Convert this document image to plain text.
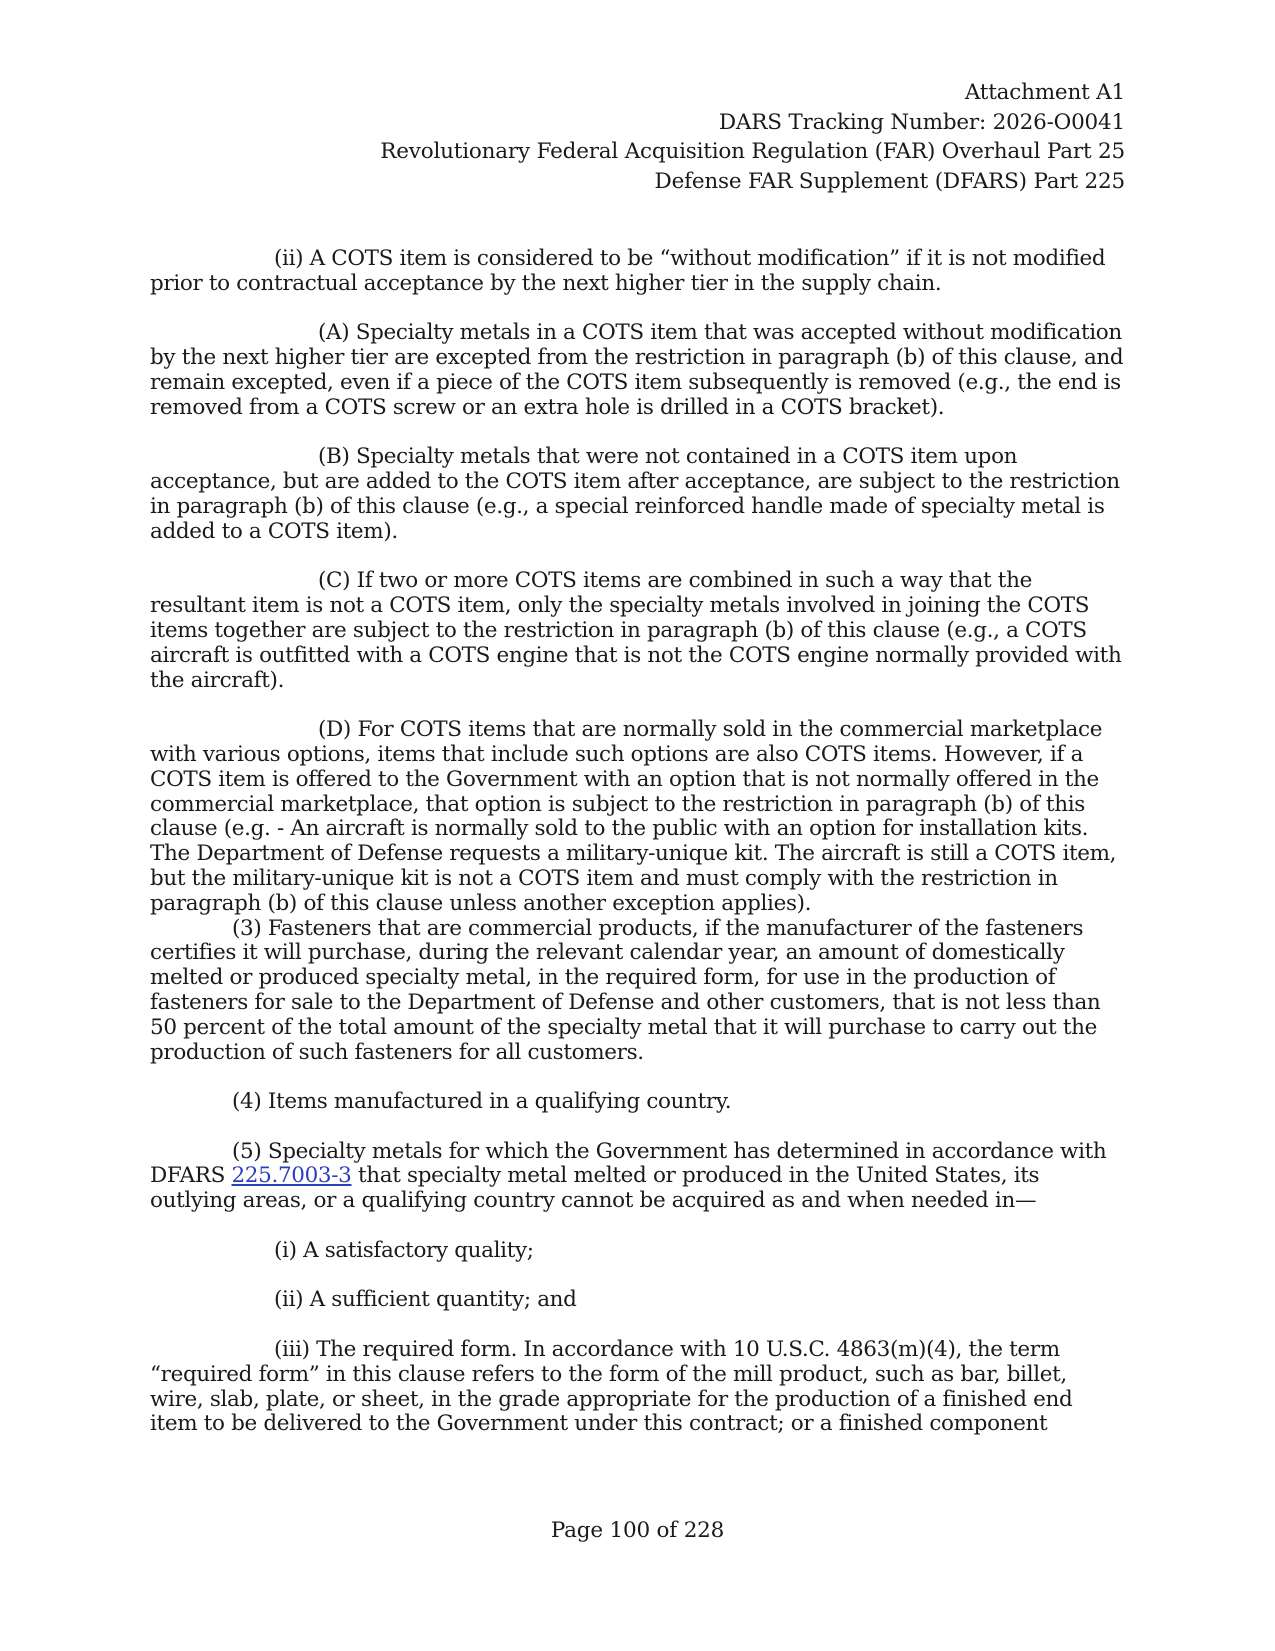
Attachment A1
DARS Tracking Number: 2026-O0041
Revolutionary Federal Acquisition Regulation (FAR) Overhaul Part 25
Defense FAR Supplement (DFARS) Part 225

(ii) A COTS item is considered to be “without modification” if it is not modified prior to contractual acceptance by the next higher tier in the supply chain.

(A) Specialty metals in a COTS item that was accepted without modification by the next higher tier are excepted from the restriction in paragraph (b) of this clause, and remain excepted, even if a piece of the COTS item subsequently is removed (e.g., the end is removed from a COTS screw or an extra hole is drilled in a COTS bracket).

(B) Specialty metals that were not contained in a COTS item upon acceptance, but are added to the COTS item after acceptance, are subject to the restriction in paragraph (b) of this clause (e.g., a special reinforced handle made of specialty metal is added to a COTS item).

(C) If two or more COTS items are combined in such a way that the resultant item is not a COTS item, only the specialty metals involved in joining the COTS items together are subject to the restriction in paragraph (b) of this clause (e.g., a COTS aircraft is outfitted with a COTS engine that is not the COTS engine normally provided with the aircraft).

(D) For COTS items that are normally sold in the commercial marketplace with various options, items that include such options are also COTS items. However, if a COTS item is offered to the Government with an option that is not normally offered in the commercial marketplace, that option is subject to the restriction in paragraph (b) of this clause (e.g. - An aircraft is normally sold to the public with an option for installation kits. The Department of Defense requests a military-unique kit. The aircraft is still a COTS item, but the military-unique kit is not a COTS item and must comply with the restriction in paragraph (b) of this clause unless another exception applies).

(3) Fasteners that are commercial products, if the manufacturer of the fasteners certifies it will purchase, during the relevant calendar year, an amount of domestically melted or produced specialty metal, in the required form, for use in the production of fasteners for sale to the Department of Defense and other customers, that is not less than 50 percent of the total amount of the specialty metal that it will purchase to carry out the production of such fasteners for all customers.

(4) Items manufactured in a qualifying country.

(5) Specialty metals for which the Government has determined in accordance with DFARS 225.7003-3 that specialty metal melted or produced in the United States, its outlying areas, or a qualifying country cannot be acquired as and when needed in—

(i) A satisfactory quality;

(ii) A sufficient quantity; and

(iii) The required form. In accordance with 10 U.S.C. 4863(m)(4), the term “required form” in this clause refers to the form of the mill product, such as bar, billet, wire, slab, plate, or sheet, in the grade appropriate for the production of a finished end item to be delivered to the Government under this contract; or a finished component

Page 100 of 228
